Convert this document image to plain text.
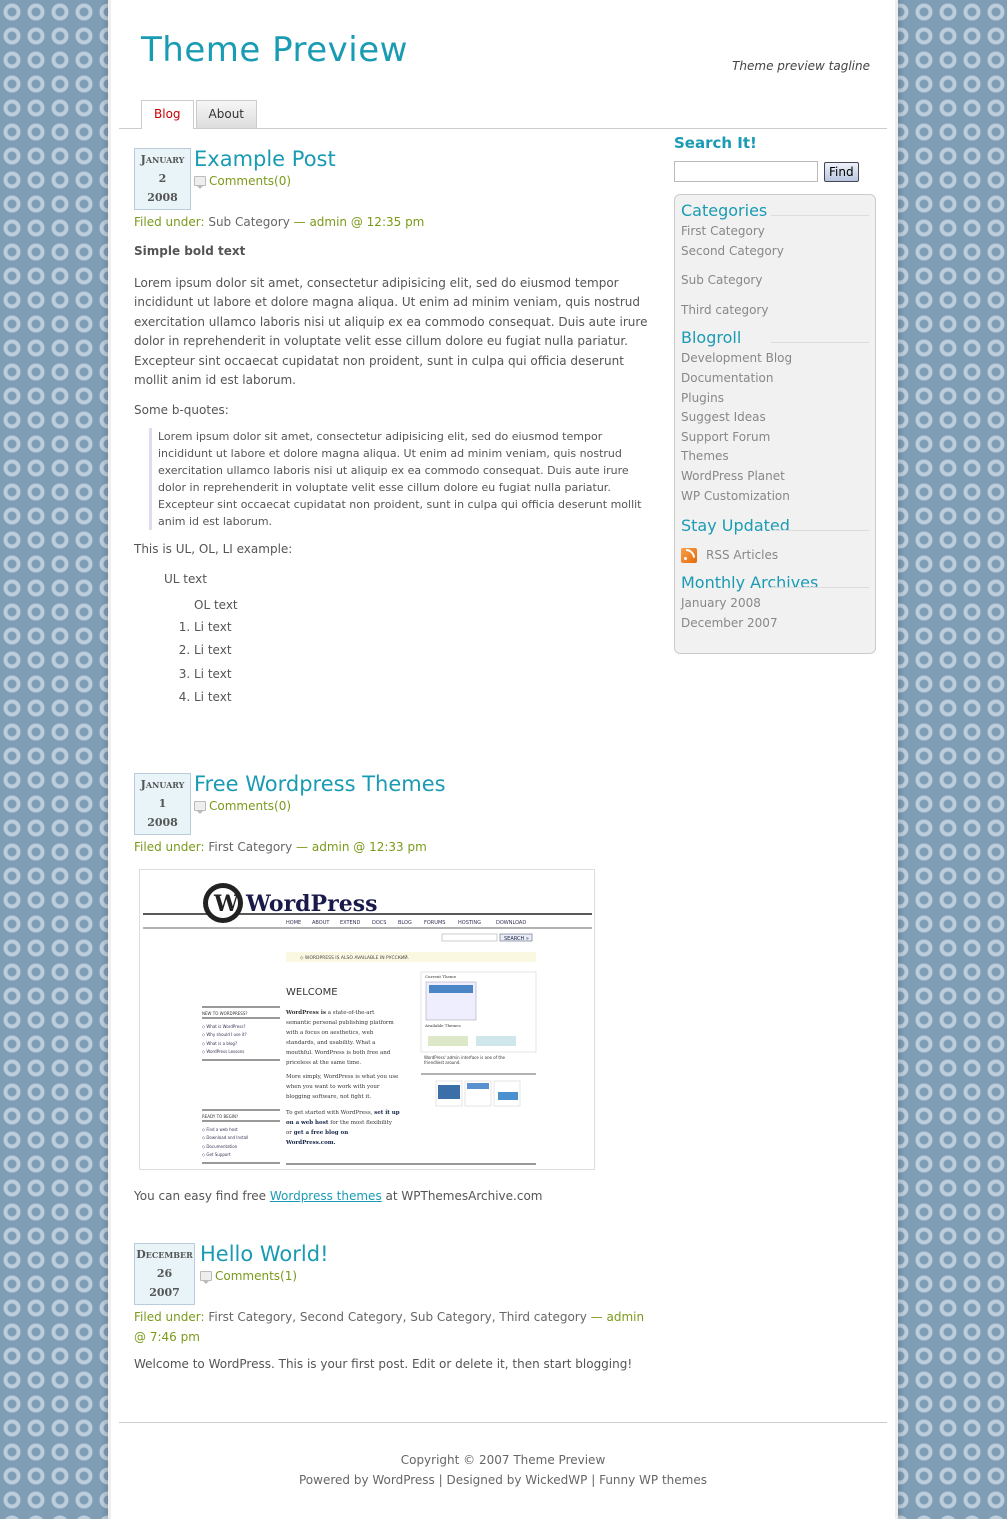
Theme Preview	Theme preview tagline
Blog	About
January
2
2008
Example Post
Comments(0)
Filed under: Sub Category — admin @ 12:35 pm

Simple bold text

Lorem ipsum dolor sit amet, consectetur adipisicing elit, sed do eiusmod tempor incididunt ut labore et dolore magna aliqua. Ut enim ad minim veniam, quis nostrud exercitation ullamco laboris nisi ut aliquip ex ea commodo consequat. Duis aute irure dolor in reprehenderit in voluptate velit esse cillum dolore eu fugiat nulla pariatur. Excepteur sint occaecat cupidatat non proident, sunt in culpa qui officia deserunt mollit anim id est laborum.

Some b-quotes:

Lorem ipsum dolor sit amet, consectetur adipisicing elit, sed do eiusmod tempor incididunt ut labore et dolore magna aliqua. Ut enim ad minim veniam, quis nostrud exercitation ullamco laboris nisi ut aliquip ex ea commodo consequat. Duis aute irure dolor in reprehenderit in voluptate velit esse cillum dolore eu fugiat nulla pariatur. Excepteur sint occaecat cupidatat non proident, sunt in culpa qui officia deserunt mollit anim id est laborum.

This is UL, OL, LI example:

UL text
OL text
1. Li text
2. Li text
3. Li text
4. Li text
January
1
2008
Free Wordpress Themes
Comments(0)
Filed under: First Category — admin @ 12:33 pm
W WordPress
HOME ABOUT EXTEND DOCS BLOG FORUMS	HOSTING	DOWNLOAD
SEARCH »
◇ WORDPRESS IS ALSO AVAILABLE IN РУССКИЙ.
WELCOME
NEW TO WORDPRESS?
◇ What is WordPress?
◇ Why should I use it?
◇ What is a blog?
◇ WordPress Lessons
READY TO BEGIN?
◇ Find a web host
◇ Download and Install
◇ Documentation
◇ Get Support
WordPress is a state-of-the-art
semantic personal publishing platform
with a focus on aesthetics, web
standards, and usability. What a
mouthful. WordPress is both free and
priceless at the same time.
More simply, WordPress is what you use
when you want to work with your
blogging software, not fight it.
To get started with WordPress, set it up
on a web host for the most flexibility
or get a free blog on
WordPress.com.
Current Theme
Available Themes
WordPress' admin interface is one of the
friendliest around.

You can easy find free Wordpress themes at WPThemesArchive.com

December
26
2007
Hello World!
Comments(1)
Filed under: First Category, Second Category, Sub Category, Third category — admin @ 7:46 pm

Welcome to WordPress. This is your first post. Edit or delete it, then start blogging!

Search It!
Find
Categories
First Category
Second Category
Sub Category
Third category
Blogroll
Development Blog
Documentation
Plugins
Suggest Ideas
Support Forum
Themes
WordPress Planet
WP Customization
Stay Updated
RSS Articles
Monthly Archives
January 2008
December 2007
Copyright © 2007 Theme Preview
Powered by WordPress | Designed by WickedWP | Funny WP themes
